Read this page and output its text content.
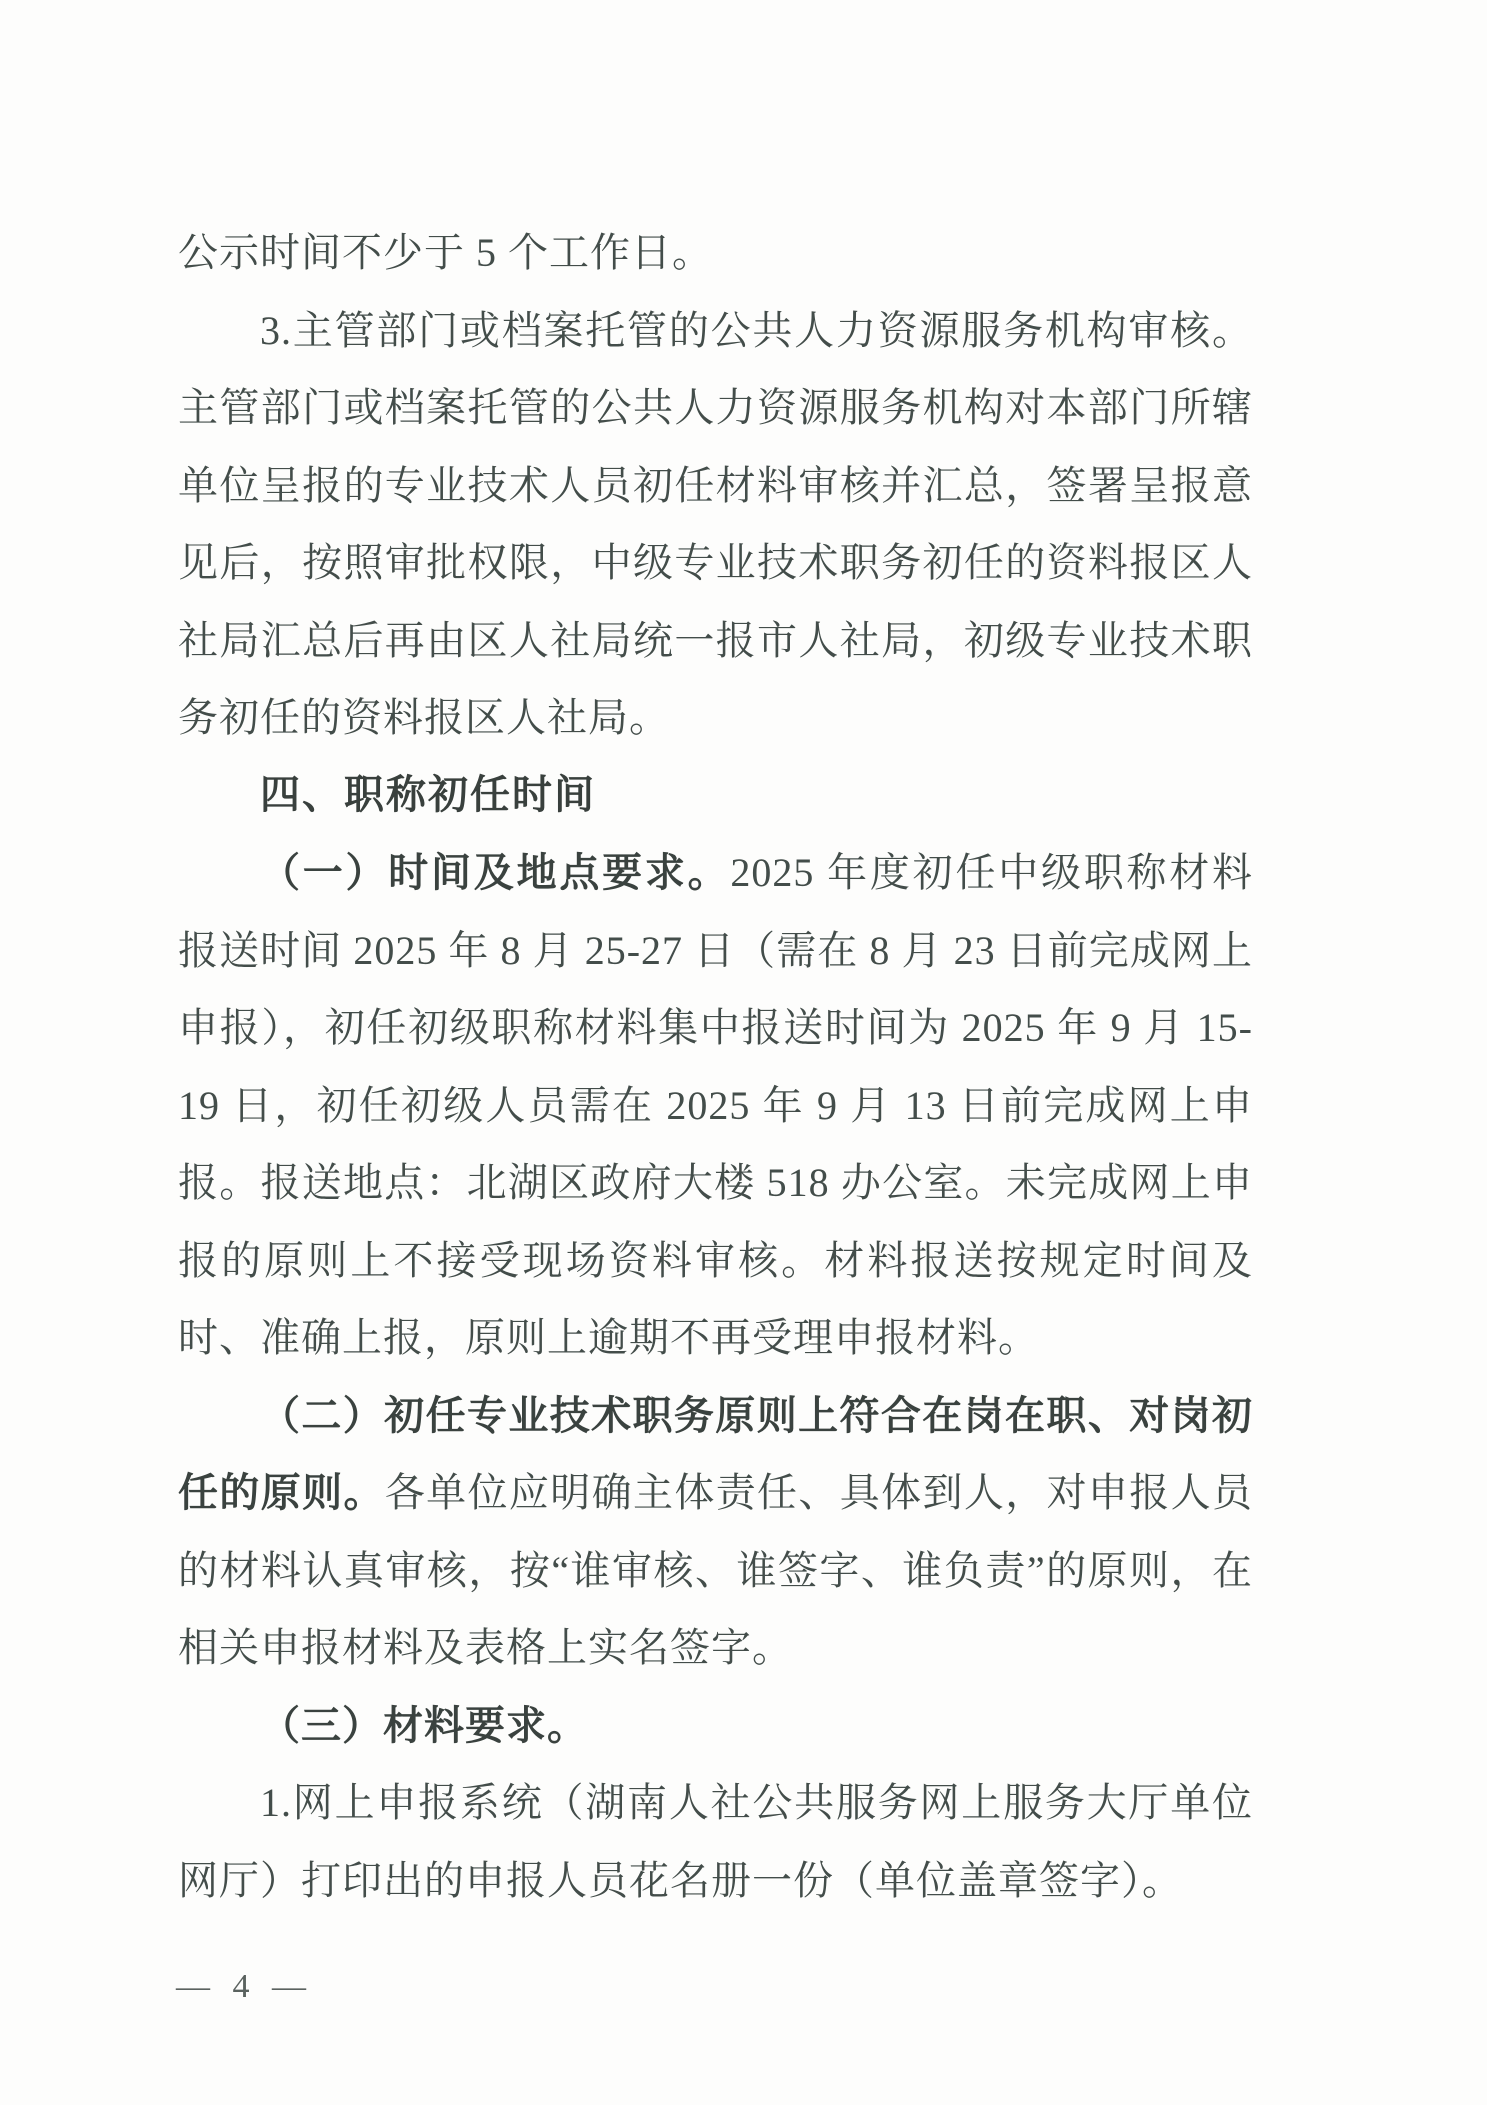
公示时间不少于 5 个工作日。

3.主管部门或档案托管的公共人力资源服务机构审核。主管部门或档案托管的公共人力资源服务机构对本部门所辖单位呈报的专业技术人员初任材料审核并汇总，签署呈报意见后，按照审批权限，中级专业技术职务初任的资料报区人社局汇总后再由区人社局统一报市人社局，初级专业技术职务初任的资料报区人社局。

四、职称初任时间

（一）时间及地点要求。2025 年度初任中级职称材料报送时间 2025 年 8 月 25-27 日（需在 8 月 23 日前完成网上申报），初任初级职称材料集中报送时间为 2025 年 9 月 15-19 日，初任初级人员需在 2025 年 9 月 13 日前完成网上申报。报送地点：北湖区政府大楼 518 办公室。未完成网上申报的原则上不接受现场资料审核。材料报送按规定时间及时、准确上报，原则上逾期不再受理申报材料。

（二）初任专业技术职务原则上符合在岗在职、对岗初任的原则。各单位应明确主体责任、具体到人，对申报人员的材料认真审核，按“谁审核、谁签字、谁负责”的原则，在相关申报材料及表格上实名签字。

（三）材料要求。

1.网上申报系统（湖南人社公共服务网上服务大厅单位网厅）打印出的申报人员花名册一份（单位盖章签字）。

— 4 —
